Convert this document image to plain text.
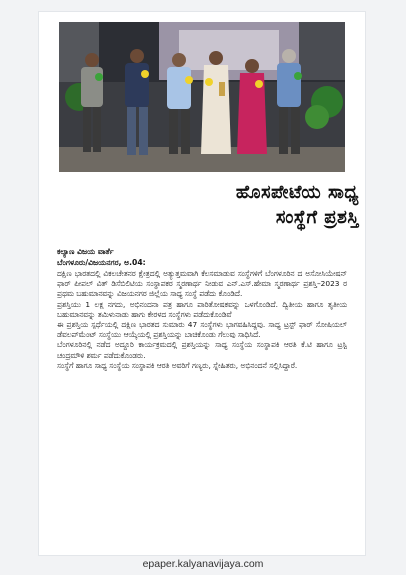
ಹೊಸಪೇಟೆಯ ಸಾಧ್ಯ
ಸಂಸ್ಥೆಗೆ ಪ್ರಶಸ್ತಿ
ಕಲ್ಯಾಣ ವಿಜಯ ವಾರ್ತೆ
ಬೆಂಗಳೂರು/ವಿಜಯನಗರ, ಅ.04:

ದಕ್ಷಿಣ ಭಾರತದಲ್ಲಿ ವಿಕಲಚೇತನರ ಕ್ಷೇತ್ರದಲ್ಲಿ ಅತ್ಯುತ್ತಮವಾಗಿ ಕೆಲಸಮಾಡುವ ಸಂಸ್ಥೆಗಳಿಗೆ ಬೆಂಗಳೂರಿನ ದ ಅಸೋಸಿಯೇಷನ್ ಫಾರ್ ಪೀಪಲ್ ವಿತ್ ಡಿಸೆಬಿಲಿಟಿಯ ಸಂಸ್ಥಾಪಕರ ಸ್ಮರಣಾರ್ಥ ನೀಡುವ ಎನ್.ಎಸ್.ಹೇಮಾ ಸ್ಮರಣಾರ್ಥ ಪ್ರಶಸ್ತಿ–2023 ರ ಪ್ರಥಮ ಬಹುಮಾನವನ್ನು ವಿಜಯನಗರ ಜಿಲ್ಲೆಯ ಸಾಧ್ಯ ಸಂಸ್ಥೆ ಪಡೆದು ಕೊಂಡಿದೆ.

ಪ್ರಶಸ್ತಿಯು 1 ಲಕ್ಷ ನಗದು, ಅಭಿನಂದನಾ ಪತ್ರ ಹಾಗೂ ಪಾರಿತೋಷಕವನ್ನು ಒಳಗೊಂಡಿದೆ. ದ್ವಿತೀಯ ಹಾಗೂ ತೃತೀಯ ಬಹುಮಾನವನ್ನು ತಮಿಳುನಾಡು ಹಾಗು ಕೇರಳದ ಸಂಸ್ಥೆಗಳು ಪಡೆದುಕೊಂಡಿವೆ

ಈ ಪ್ರಶಸ್ತಿಯ ಸ್ಪರ್ಧೆಯಲ್ಲಿ ದಕ್ಷಿಣ ಭಾರತದ ಸುಮಾರು 47 ಸಂಸ್ಥೆಗಳು ಭಾಗವಹಿಸಿದ್ದವು. ಸಾಧ್ಯ ಟ್ರಸ್ಟ್ ಫಾರ್ ಸೋಷಿಯಲ್ ಡೆವಲಪ್‌ಮೆಂಟ್ ಸಂಸ್ಥೆಯು ಆಯ್ಕೆಯಲ್ಲಿ ಪ್ರಶಸ್ತಿಯನ್ನು ಬಾಚಿಕೊಂಡು ಗೆಲುವು ಸಾಧಿಸಿದೆ.

ಬೆಂಗಳೂರಿನಲ್ಲಿ ನಡೆದ ಅದ್ದೂರಿ ಕಾರ್ಯಕ್ರಮದಲ್ಲಿ ಪ್ರಶಸ್ತಿಯನ್ನು ಸಾಧ್ಯ ಸಂಸ್ಥೆಯ ಸಂಸ್ಥಾಪಕಿ ಆರತಿ ಕೆ.ಟಿ ಹಾಗೂ ಟ್ರಸ್ಟಿ ಚಂದ್ರಮೌಳಿ ಶರ್ಮ ಪಡೆದುಕೊಂಡರು.

ಸಂಸ್ಥೆಗೆ ಹಾಗೂ ಸಾಧ್ಯ ಸಂಸ್ಥೆಯ ಸಂಸ್ಥಾಪಕಿ ಆರತಿ ಅವರಿಗೆ ಗಣ್ಯರು, ಸ್ನೇಹಿತರು, ಅಭಿನಂದನೆ ಸಲ್ಲಿಸಿದ್ದಾರೆ.

epaper.kalyanavijaya.com
